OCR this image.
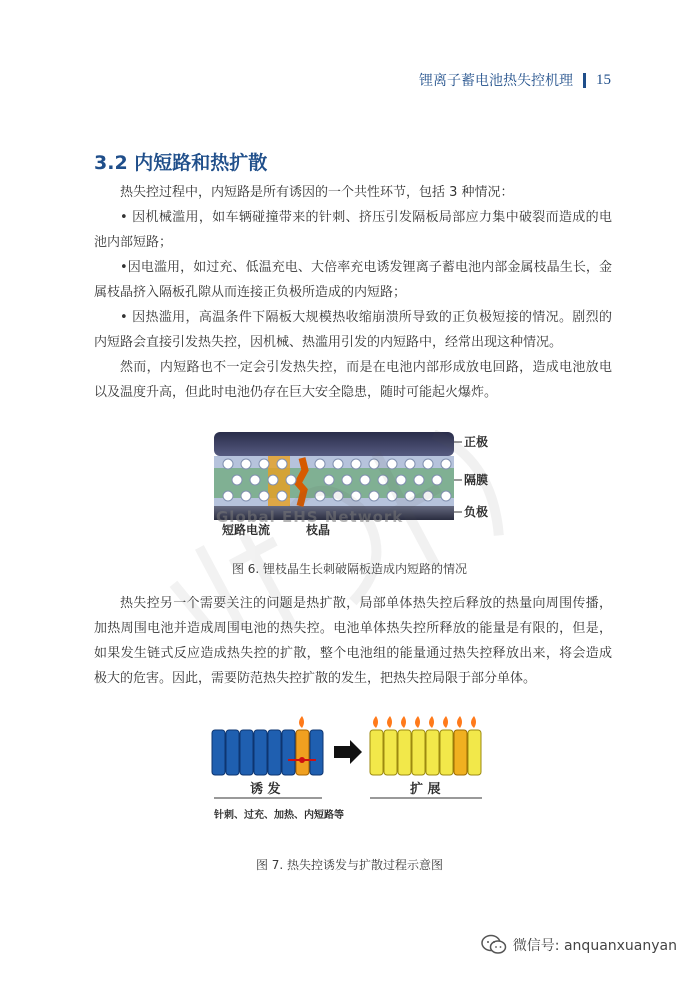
锂离子蓄电池热失控机理 15
3.2 内短路和热扩散

热失控过程中，内短路是所有诱因的一个共性环节，包括 3 种情况：

• 因机械滥用，如车辆碰撞带来的针刺、挤压引发隔板局部应力集中破裂而造成的电池内部短路；

•因电滥用，如过充、低温充电、大倍率充电诱发锂离子蓄电池内部金属枝晶生长，金属枝晶挤入隔板孔隙从而连接正负极所造成的内短路；

• 因热滥用，高温条件下隔板大规模热收缩崩溃所导致的正负极短接的情况。剧烈的内短路会直接引发热失控，因机械、热滥用引发的内短路中，经常出现这种情况。

然而，内短路也不一定会引发热失控，而是在电池内部形成放电回路，造成电池放电以及温度升高，但此时电池仍存在巨大安全隐患，随时可能起火爆炸。

正极
隔膜
负极
短路电流	枝晶
Global EHS Network
图 6. 锂枝晶生长刺破隔板造成内短路的情况

热失控另一个需要关注的问题是热扩散，局部单体热失控后释放的热量向周围传播，加热周围电池并造成周围电池的热失控。电池单体热失控所释放的能量是有限的，但是，如果发生链式反应造成热失控的扩散，整个电池组的能量通过热失控释放出来，将会造成极大的危害。因此，需要防范热失控扩散的发生，把热失控局限于部分单体。

诱 发	扩 展
针刺、过充、加热、内短路等
图 7. 热失控诱发与扩散过程示意图
微信号: anquanxuanyan
